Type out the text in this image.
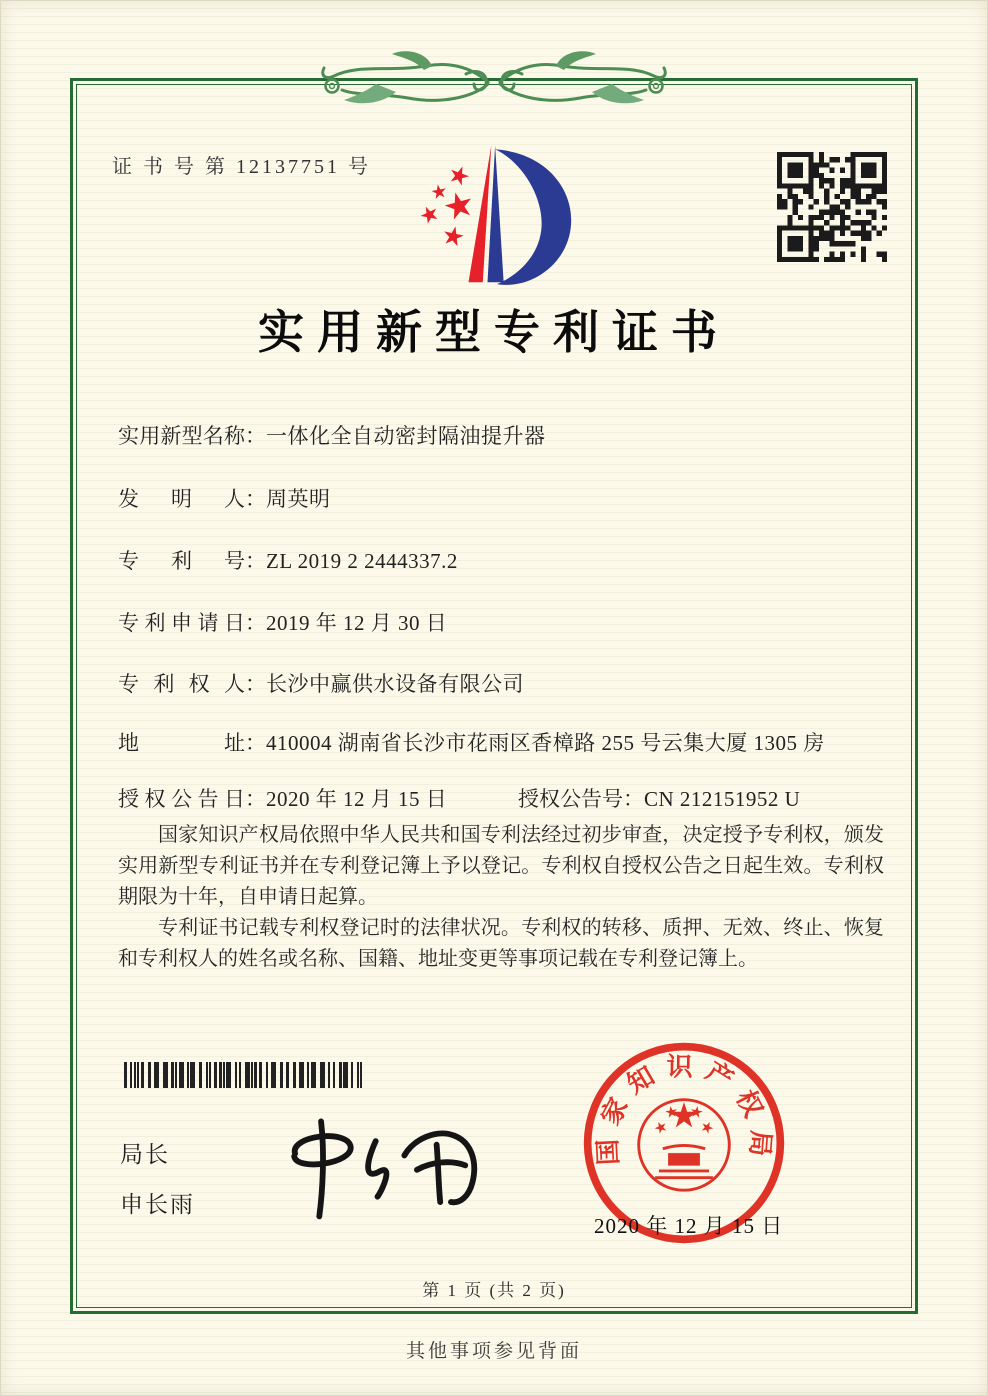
证 书 号 第 12137751 号
实用新型专利证书
实用新型名称：一体化全自动密封隔油提升器
发明人：周英明
专利号：ZL 2019 2 2444337.2
专利申请日：2019 年 12 月 30 日
专利权人：长沙中赢供水设备有限公司
地址：410004 湖南省长沙市花雨区香樟路 255 号云集大厦 1305 房
授权公告日：2020 年 12 月 15 日	授权公告号：CN 212151952 U

国家知识产权局依照中华人民共和国专利法经过初步审查，决定授予专利权，颁发实用新型专利证书并在专利登记簿上予以登记。专利权自授权公告之日起生效。专利权期限为十年，自申请日起算。

专利证书记载专利权登记时的法律状况。专利权的转移、质押、无效、终止、恢复和专利权人的姓名或名称、国籍、地址变更等事项记载在专利登记簿上。

局长
申长雨
国家知识产权局
2020 年 12 月 15 日
第 1 页 (共 2 页)
其他事项参见背面
